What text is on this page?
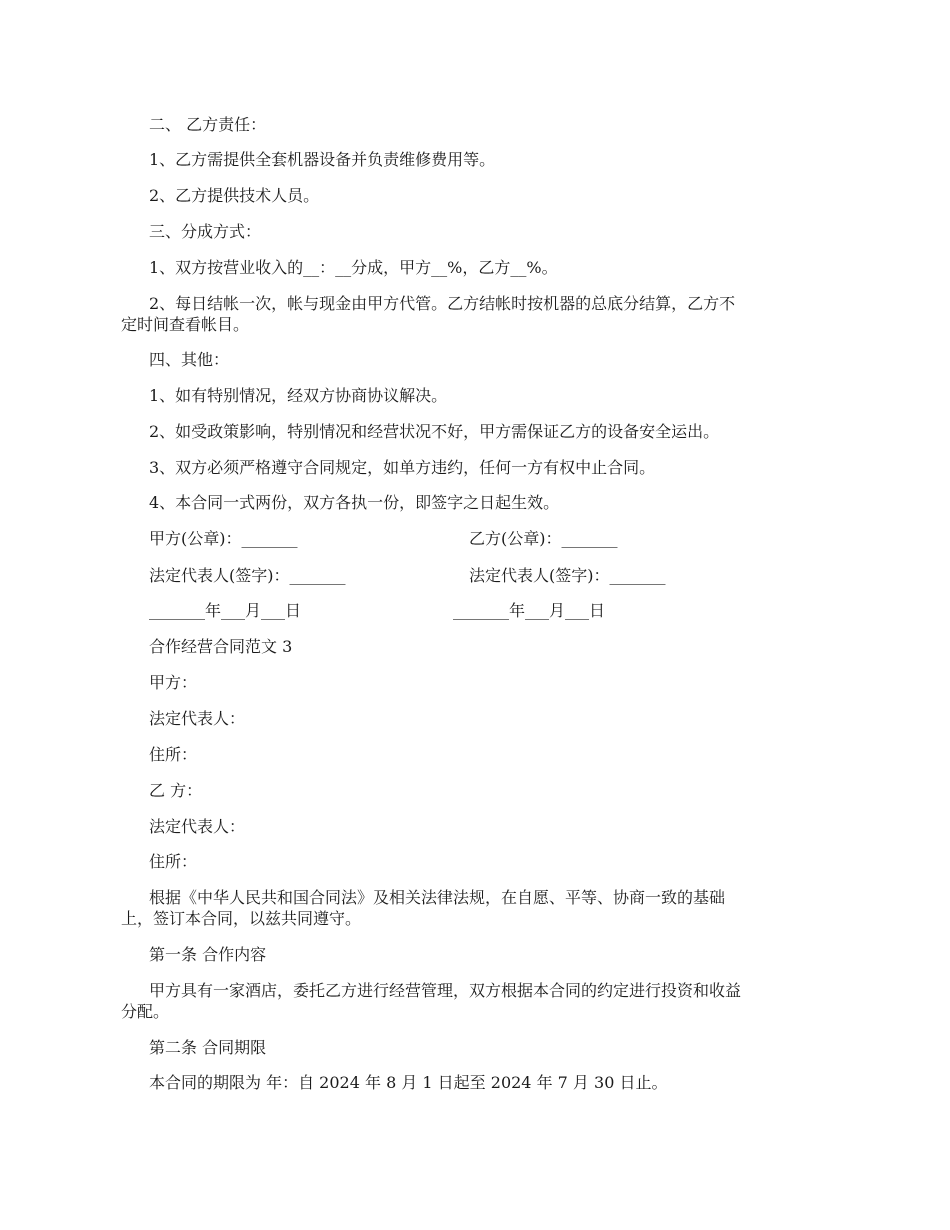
二、 乙方责任：
1、乙方需提供全套机器设备并负责维修费用等。
2、乙方提供技术人员。
三、分成方式：
1、双方按营业收入的__：__分成，甲方__%，乙方__%。
2、每日结帐一次，帐与现金由甲方代管。乙方结帐时按机器的总底分结算，乙方不
定时间查看帐目。
四、其他：
1、如有特别情况，经双方协商协议解决。
2、如受政策影响，特别情况和经营状况不好，甲方需保证乙方的设备安全运出。
3、双方必须严格遵守合同规定，如单方违约，任何一方有权中止合同。
4、本合同一式两份，双方各执一份，即签字之日起生效。
甲方(公章)：_______	乙方(公章)：_______
法定代表人(签字)：_______	法定代表人(签字)：_______
_______年___月___日	_______年___月___日
合作经营合同范文 3
甲方：
法定代表人：
住所：
乙 方：
法定代表人：
住所：
根据《中华人民共和国合同法》及相关法律法规，在自愿、平等、协商一致的基础
上，签订本合同，以兹共同遵守。
第一条 合作内容
甲方具有一家酒店，委托乙方进行经营管理，双方根据本合同的约定进行投资和收益
分配。
第二条 合同期限
本合同的期限为 年：自 2024 年 8 月 1 日起至 2024 年 7 月 30 日止。
